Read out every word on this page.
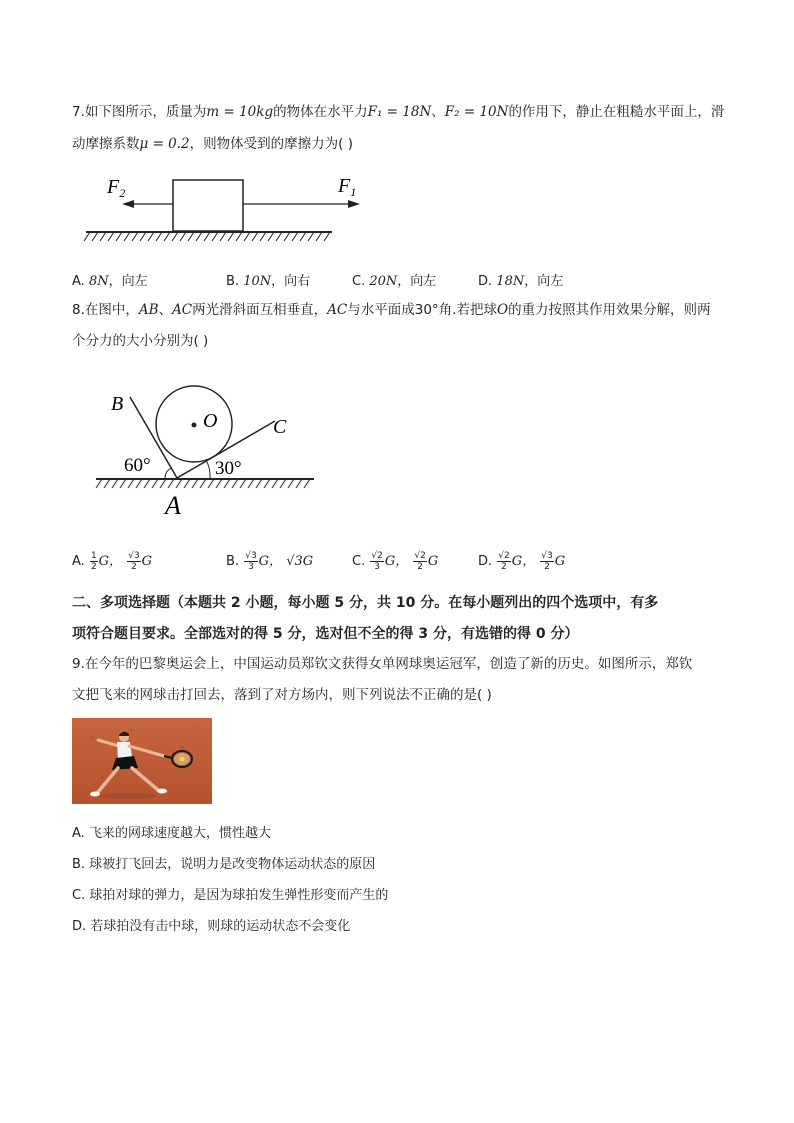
7.如下图所示，质量为m = 10kg的物体在水平力F₁ = 18N、F₂ = 10N的作用下，静止在粗糙水平面上，滑
动摩擦系数μ = 0.2，则物体受到的摩擦力为( )
$F_2$	$F_1$
A. 8N，向左	B. 10N，向右	C. 20N，向左	D. 18N，向左
8.在图中，AB、AC两光滑斜面互相垂直，AC与水平面成30°角.若把球O的重力按照其作用效果分解，则两
个分力的大小分别为( )
B
O	C
A
60°	30°
A. $\frac{1}{2}$ G， $\frac{√3}{2}$ G	B. $\frac{√3}{3}$ G， √3G	C. $\frac{√2}{3}$ G， $\frac{√2}{2}$ G	D. $\frac{√2}{2}$ G， $\frac{√3}{2}$ G
二、多项选择题（本题共 2 小题，每小题 5 分，共 10 分。在每小题列出的四个选项中，有多
项符合题目要求。全部选对的得 5 分，选对但不全的得 3 分，有选错的得 0 分）
9.在今年的巴黎奥运会上，中国运动员郑钦文获得女单网球奥运冠军，创造了新的历史。如图所示，郑钦
文把飞来的网球击打回去，落到了对方场内，则下列说法不正确的是( )
A. 飞来的网球速度越大，惯性越大
B. 球被打飞回去，说明力是改变物体运动状态的原因
C. 球拍对球的弹力，是因为球拍发生弹性形变而产生的
D. 若球拍没有击中球，则球的运动状态不会变化
